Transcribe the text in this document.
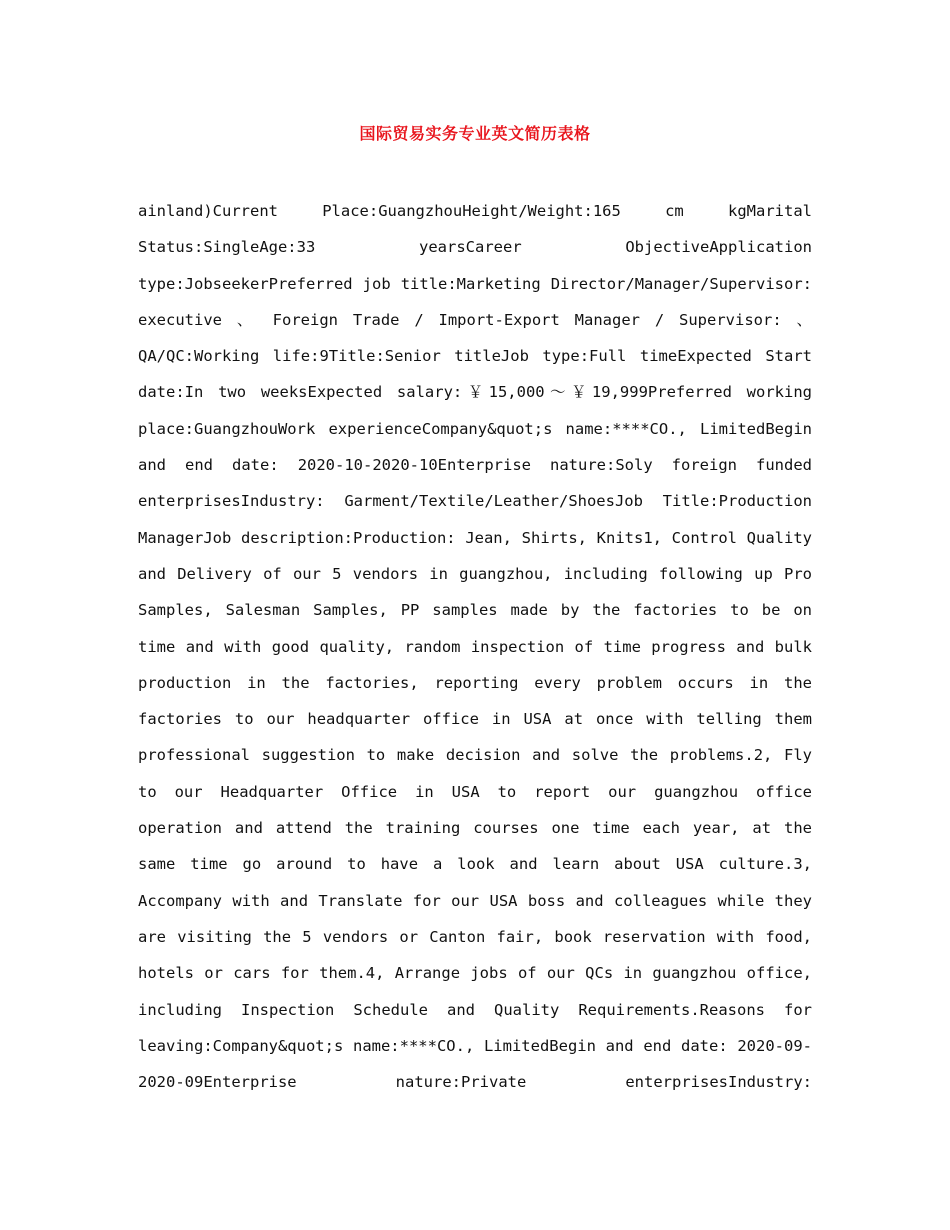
国际贸易实务专业英文简历表格
ainland)Current Place:GuangzhouHeight/Weight:165 cm kgMarital
Status:SingleAge:33 yearsCareer ObjectiveApplication
type:JobseekerPreferred job title:Marketing Director/Manager/Supervisor:
executive 、 Foreign Trade / Import-Export Manager / Supervisor: 、
QA/QC:Working life:9Title:Senior titleJob type:Full timeExpected Start
date:In two weeksExpected salary:￥15,000～￥19,999Preferred working
place:GuangzhouWork experienceCompany&quot;s name:****CO., LimitedBegin
and end date: 2020-10-2020-10Enterprise nature:Soly foreign funded
enterprisesIndustry: Garment/Textile/Leather/ShoesJob Title:Production
ManagerJob description:Production: Jean, Shirts, Knits1, Control Quality
and Delivery of our 5 vendors in guangzhou, including following up Pro
Samples, Salesman Samples, PP samples made by the factories to be on
time and with good quality, random inspection of time progress and bulk
production in the factories, reporting every problem occurs in the
factories to our headquarter office in USA at once with telling them
professional suggestion to make decision and solve the problems.2, Fly
to our Headquarter Office in USA to report our guangzhou office
operation and attend the training courses one time each year, at the
same time go around to have a look and learn about USA culture.3,
Accompany with and Translate for our USA boss and colleagues while they
are visiting the 5 vendors or Canton fair, book reservation with food,
hotels or cars for them.4, Arrange jobs of our QCs in guangzhou office,
including Inspection Schedule and Quality Requirements.Reasons for
leaving:Company&quot;s name:****CO., LimitedBegin and end date: 2020-09-
2020-09Enterprise nature:Private enterprisesIndustry:
